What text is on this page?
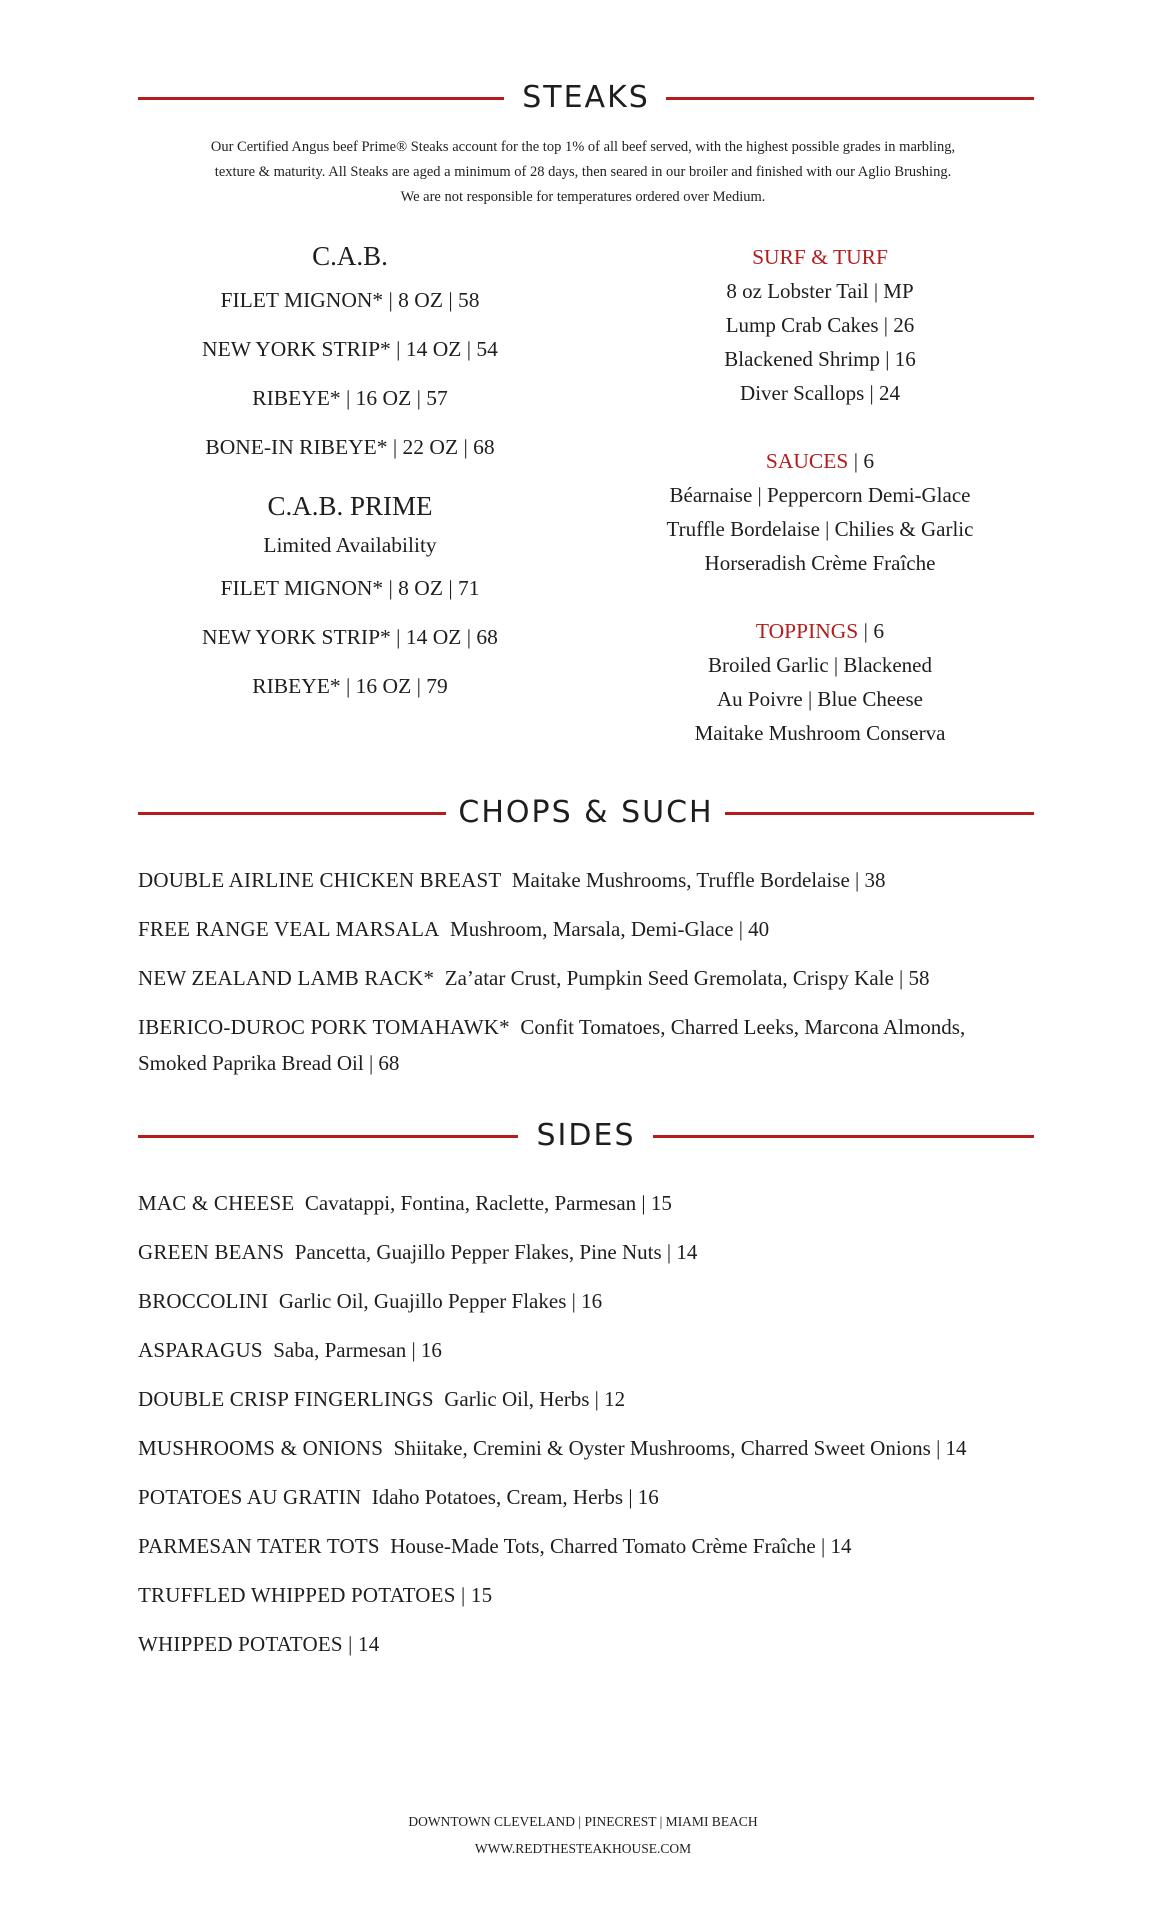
STEAKS
Our Certified Angus beef Prime® Steaks account for the top 1% of all beef served, with the highest possible grades in marbling,
texture & maturity. All Steaks are aged a minimum of 28 days, then seared in our broiler and finished with our Aglio Brushing.
We are not responsible for temperatures ordered over Medium.

C.A.B.

FILET MIGNON* | 8 OZ | 58

NEW YORK STRIP* | 14 OZ | 54

RIBEYE* | 16 OZ | 57

BONE-IN RIBEYE* | 22 OZ | 68

C.A.B. PRIME

Limited Availability

FILET MIGNON* | 8 OZ | 71

NEW YORK STRIP* | 14 OZ | 68

RIBEYE* | 16 OZ | 79

SURF & TURF

8 oz Lobster Tail | MP

Lump Crab Cakes | 26

Blackened Shrimp | 16

Diver Scallops | 24

SAUCES | 6

Béarnaise | Peppercorn Demi-Glace

Truffle Bordelaise | Chilies & Garlic

Horseradish Crème Fraîche

TOPPINGS | 6

Broiled Garlic | Blackened

Au Poivre | Blue Cheese

Maitake Mushroom Conserva

CHOPS & SUCH

DOUBLE AIRLINE CHICKEN BREAST Maitake Mushrooms, Truffle Bordelaise | 38

FREE RANGE VEAL MARSALA Mushroom, Marsala, Demi-Glace | 40

NEW ZEALAND LAMB RACK* Za’atar Crust, Pumpkin Seed Gremolata, Crispy Kale | 58

IBERICO-DUROC PORK TOMAHAWK* Confit Tomatoes, Charred Leeks, Marcona Almonds, Smoked Paprika Bread Oil | 68

SIDES

MAC & CHEESE Cavatappi, Fontina, Raclette, Parmesan | 15

GREEN BEANS Pancetta, Guajillo Pepper Flakes, Pine Nuts | 14

BROCCOLINI Garlic Oil, Guajillo Pepper Flakes | 16

ASPARAGUS Saba, Parmesan | 16

DOUBLE CRISP FINGERLINGS Garlic Oil, Herbs | 12

MUSHROOMS & ONIONS Shiitake, Cremini & Oyster Mushrooms, Charred Sweet Onions | 14

POTATOES AU GRATIN Idaho Potatoes, Cream, Herbs | 16

PARMESAN TATER TOTS House-Made Tots, Charred Tomato Crème Fraîche | 14

TRUFFLED WHIPPED POTATOES | 15

WHIPPED POTATOES | 14

DOWNTOWN CLEVELAND | PINECREST | MIAMI BEACH
WWW.REDTHESTEAKHOUSE.COM
